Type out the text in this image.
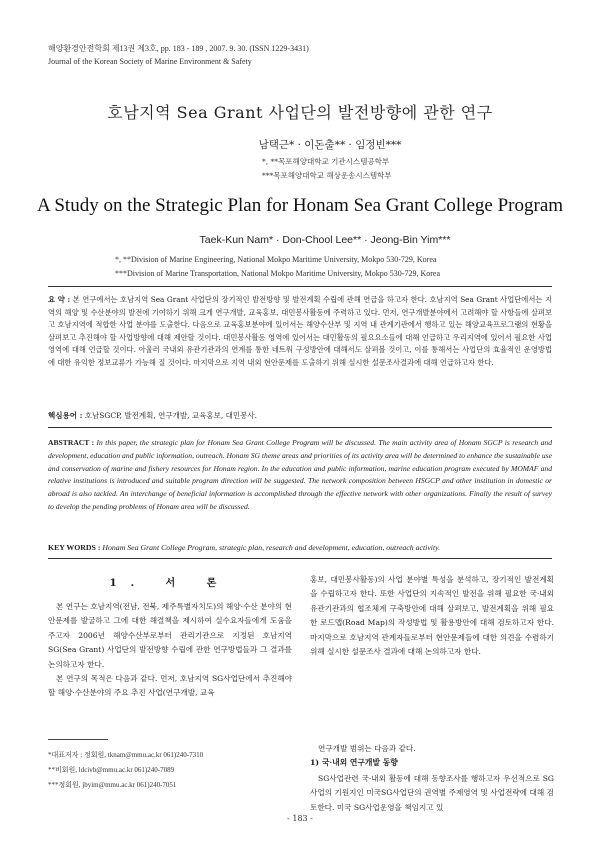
해양환경안전학회 제13권 제3호, pp. 183 - 189 , 2007. 9. 30. (ISSN 1229-3431)
Journal of the Korean Society of Marine Environment & Safety
호남지역 Sea Grant 사업단의 발전방향에 관한 연구
남택근* · 이돈출** · 임정빈***
*, **목포해양대학교 기관시스템공학부
***목포해양대학교 해상운송시스템학부
A Study on the Strategic Plan for Honam Sea Grant College Program
Taek-Kun Nam* · Don-Chool Lee** · Jeong-Bin Yim***
*, **Division of Marine Engineering, National Mokpo Maritime University, Mokpo 530-729, Korea
***Division of Marine Transportation, National Mokpo Maritime University, Mokpo 530-729, Korea
요 약 : 본 연구에서는 호남지역 Sea Grant 사업단의 장기적인 발전방향 및 발전계획 수립에 관해 연급을 하고자 한다. 호남지역 Sea Grant 사업단에서는 지역의 해양 및 수산분야의 발전에 기여하기 위해 크게 연구개발, 교육홍보, 대민봉사활동에 주력하고 있다. 먼저, 연구개발분야에서 고려해야 할 사항들에 살펴보고 호남지역에 적합한 사업 분야를 도출한다. 다음으로 교육홍보분야에 있어서는 해양수산부 및 지역 내 관계기관에서 행하고 있는 해양교육프로그램의 현황을 살펴보고 추진해야 할 사업방향에 대해 제안할 것이다. 대민봉사활동 영역에 있어서는 대민활동의 필요요소들에 대해 언급하고 우리지역에 있어서 필요한 사업영역에 대해 언급할 것이다. 아울러 국내외 유관기관과의 연계를 통한 네트워 구성방안에 대해서도 살펴볼 것이고, 이를 통해서는 사업단의 효율적인 운영방법에 대한 유익한 정보교류가 가능해 질 것이다. 마지막으로 지역 내외 현안문제를 도출하기 위해 실시한 설문조사결과에 대해 언급하고자 한다.
핵심용어 : 호남SGCP, 발전계획, 연구개발, 교육홍보, 대민봉사.
ABSTRACT : In this paper, the strategic plan for Honam Sea Grant College Program will be discussed. The main activity area of Honam SGCP is research and development, education and public information, outreach. Honam SG theme areas and priorities of its activity area will be determined to enhance the sustainable use and conservation of marine and fishery resources for Honam region. In the education and public information, marine education program executed by MOMAF and relative institutions is introduced and suitable program direction will be suggested. The network composition between HSGCP and other institution in domestic or abroad is also tackled. An interchange of beneficial information is accomplished through the effective network with other organizations. Finally the result of survey to develop the pending problems of Honam area will be discussed.
KEY WORDS : Honam Sea Grant College Program, strategic plan, research and development, education, outreach activity.
1. 서 론

본 연구는 호남지역(전남, 전북, 제주특별자치도)의 해양·수산 분야의 현안문제를 발굴하고 그에 대한 해결책을 제시하여 실수요자들에게 도움을 주고자 2006년 해양수산부로부터 관리기관으로 지정된 호남지역 SG(Sea Grant) 사업단의 발전방향 수립에 관한 연구방법들과 그 결과를 논의하고자 한다.

본 연구의 목적은 다음과 같다. 먼저, 호남지역 SG사업단에서 추진해야할 해양·수산분야의 주요 추진 사업(연구개발, 교육

홍보, 대민봉사활동)의 사업 분야별 특성을 분석하고, 장기적인 발전계획을 수립하고자 한다. 또한 사업단의 지속적인 발전을 위해 필요한 국·내외 유관기관과의 협조체계 구축방안에 대해 살펴보고, 발전계획을 위해 필요한 로드맵(Road Map)의 작성방법 및 활용방안에 대해 검토하고자 한다. 마지막으로 호남지역 관계자들로부터 현안문제들에 대한 의견을 수렴하기 위해 실시한 설문조사 결과에 대해 논의하고자 한다.

연구개발 범위는 다음과 같다.

1) 국·내외 연구개발 동향

SG사업관련 국·내외 활동에 대해 동향조사를 행하고자 우선적으로 SG사업의 기원지인 미국SG사업단의 권역별 주제영역 및 사업전략에 대해 검토한다. 미국 SG사업운영을 책임지고 있

*대표저자 : 정회원, tknam@mmu.ac.kr 061)240-7310
**비회원, ldcivb@mmu.ac.kr 061)240-7089
***정회원, jbyim@mmu.ac.kr 061)240-7051
- 183 -
